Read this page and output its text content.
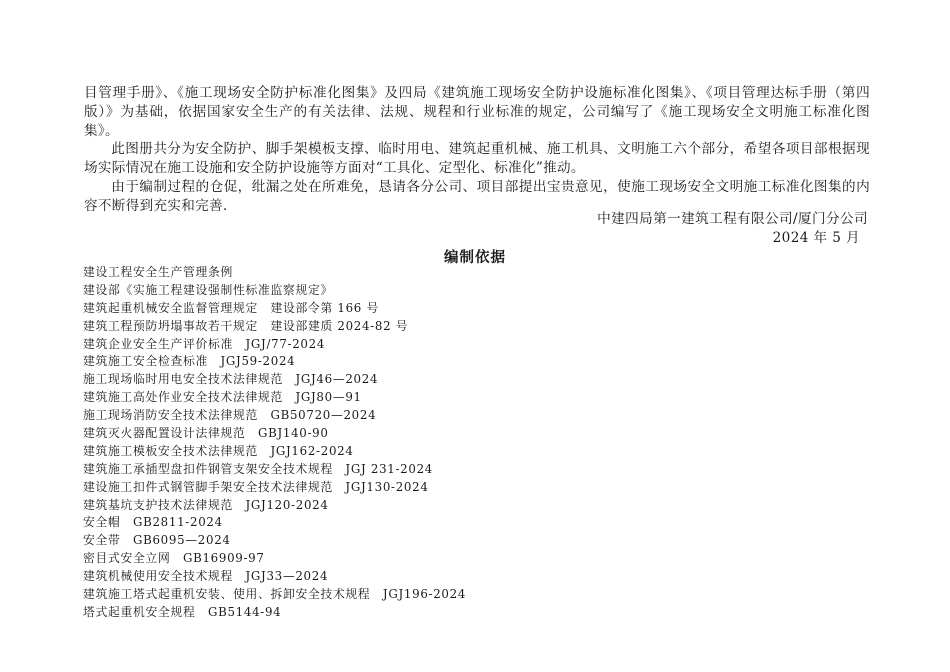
目管理手册》、《施工现场安全防护标准化图集》及四局《建筑施工现场安全防护设施标准化图集》、《项目管理达标手册（第四版）》为基础，依据国家安全生产的有关法律、法规、规程和行业标准的规定，公司编写了《施工现场安全文明施工标准化图集》。

此图册共分为安全防护、脚手架模板支撑、临时用电、建筑起重机械、施工机具、文明施工六个部分，希望各项目部根据现场实际情况在施工设施和安全防护设施等方面对“工具化、定型化、标准化”推动。

由于编制过程的仓促，纰漏之处在所难免，恳请各分公司、项目部提出宝贵意见，使施工现场安全文明施工标准化图集的内容不断得到充实和完善.

中建四局第一建筑工程有限公司/厦门分公司
2024 年 5 月
编制依据
建设工程安全生产管理条例
建设部《实施工程建设强制性标准监察规定》
建筑起重机械安全监督管理规定　建设部令第 166 号
建筑工程预防坍塌事故若干规定　建设部建质 2024-82 号
建筑企业安全生产评价标准　JGJ/77-2024
建筑施工安全检查标准　JGJ59-2024
施工现场临时用电安全技术法律规范　JGJ46—2024
建筑施工高处作业安全技术法律规范　JGJ80—91
施工现场消防安全技术法律规范　GB50720—2024
建筑灭火器配置设计法律规范　GBJ140-90
建筑施工模板安全技术法律规范　JGJ162-2024
建筑施工承插型盘扣件钢管支架安全技术规程　JGJ 231-2024
建设施工扣件式钢管脚手架安全技术法律规范　JGJ130-2024
建筑基坑支护技术法律规范　JGJ120-2024
安全帽　GB2811-2024
安全带　GB6095—2024
密目式安全立网　GB16909-97
建筑机械使用安全技术规程　JGJ33—2024
建筑施工塔式起重机安装、使用、拆卸安全技术规程　JGJ196-2024
塔式起重机安全规程　GB5144-94
